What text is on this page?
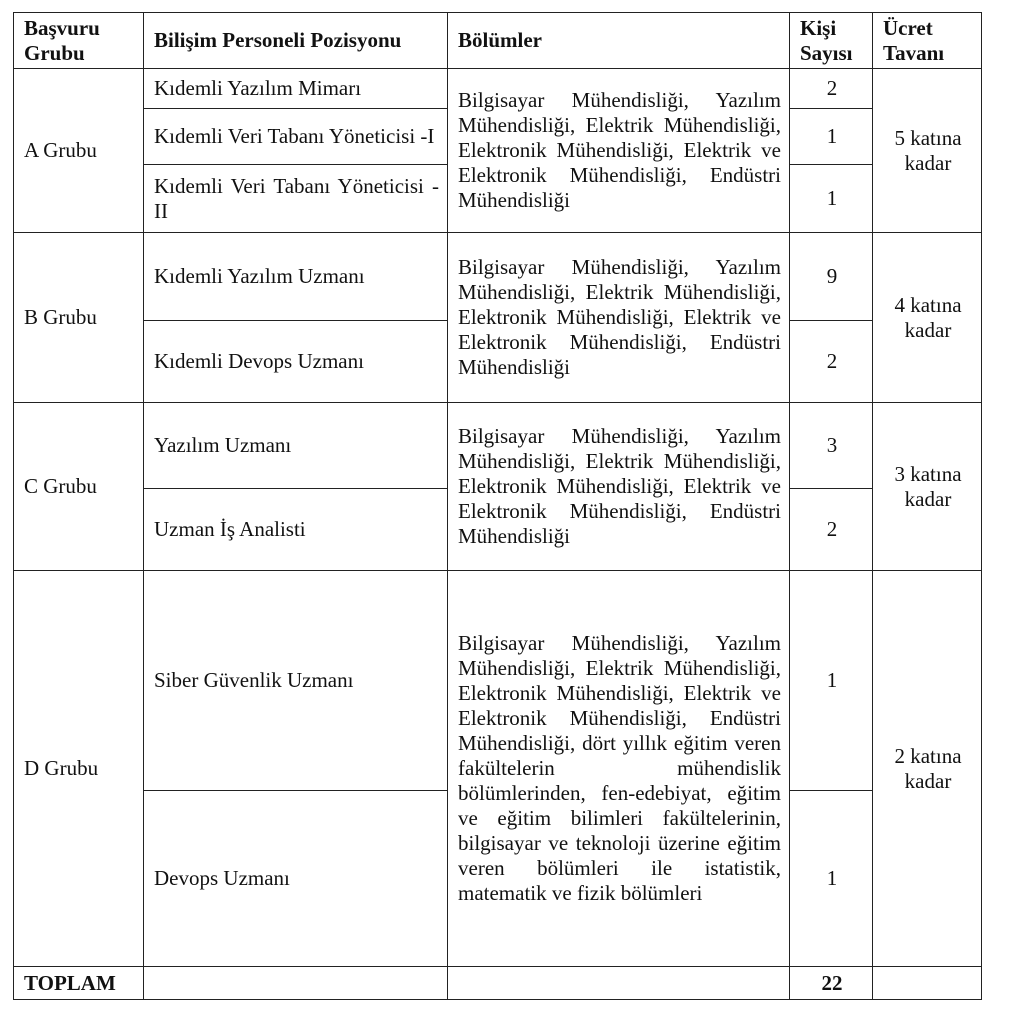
Başvuru Grubu	Bilişim Personeli Pozisyonu	Bölümler	Kişi Sayısı	Ücret Tavanı
A Grubu	Kıdemli Yazılım Mimarı	Bilgisayar Mühendisliği, Yazılım Mühendisliği, Elektrik Mühendisliği, Elektronik Mühendisliği, Elektrik ve Elektronik Mühendisliği, Endüstri Mühendisliği	2	5 katına kadar
	Kıdemli Veri Tabanı Yöneticisi -I		1	
	Kıdemli Veri Tabanı Yöneticisi -II		1	
B Grubu	Kıdemli Yazılım Uzmanı	Bilgisayar Mühendisliği, Yazılım Mühendisliği, Elektrik Mühendisliği, Elektronik Mühendisliği, Elektrik ve Elektronik Mühendisliği, Endüstri Mühendisliği	9	4 katına kadar
	Kıdemli Devops Uzmanı		2	
C Grubu	Yazılım Uzmanı	Bilgisayar Mühendisliği, Yazılım Mühendisliği, Elektrik Mühendisliği, Elektronik Mühendisliği, Elektrik ve Elektronik Mühendisliği, Endüstri Mühendisliği	3	3 katına kadar
	Uzman İş Analisti		2	
D Grubu	Siber Güvenlik Uzmanı	Bilgisayar Mühendisliği, Yazılım Mühendisliği, Elektrik Mühendisliği, Elektronik Mühendisliği, Elektrik ve Elektronik Mühendisliği, Endüstri Mühendisliği, dört yıllık eğitim veren fakültelerin mühendislik bölümlerinden, fen-edebiyat, eğitim ve eğitim bilimleri fakültelerinin, bilgisayar ve teknoloji üzerine eğitim veren bölümleri ile istatistik, matematik ve fizik bölümleri	1	2 katına kadar
	Devops Uzmanı		1	
TOPLAM			22	
